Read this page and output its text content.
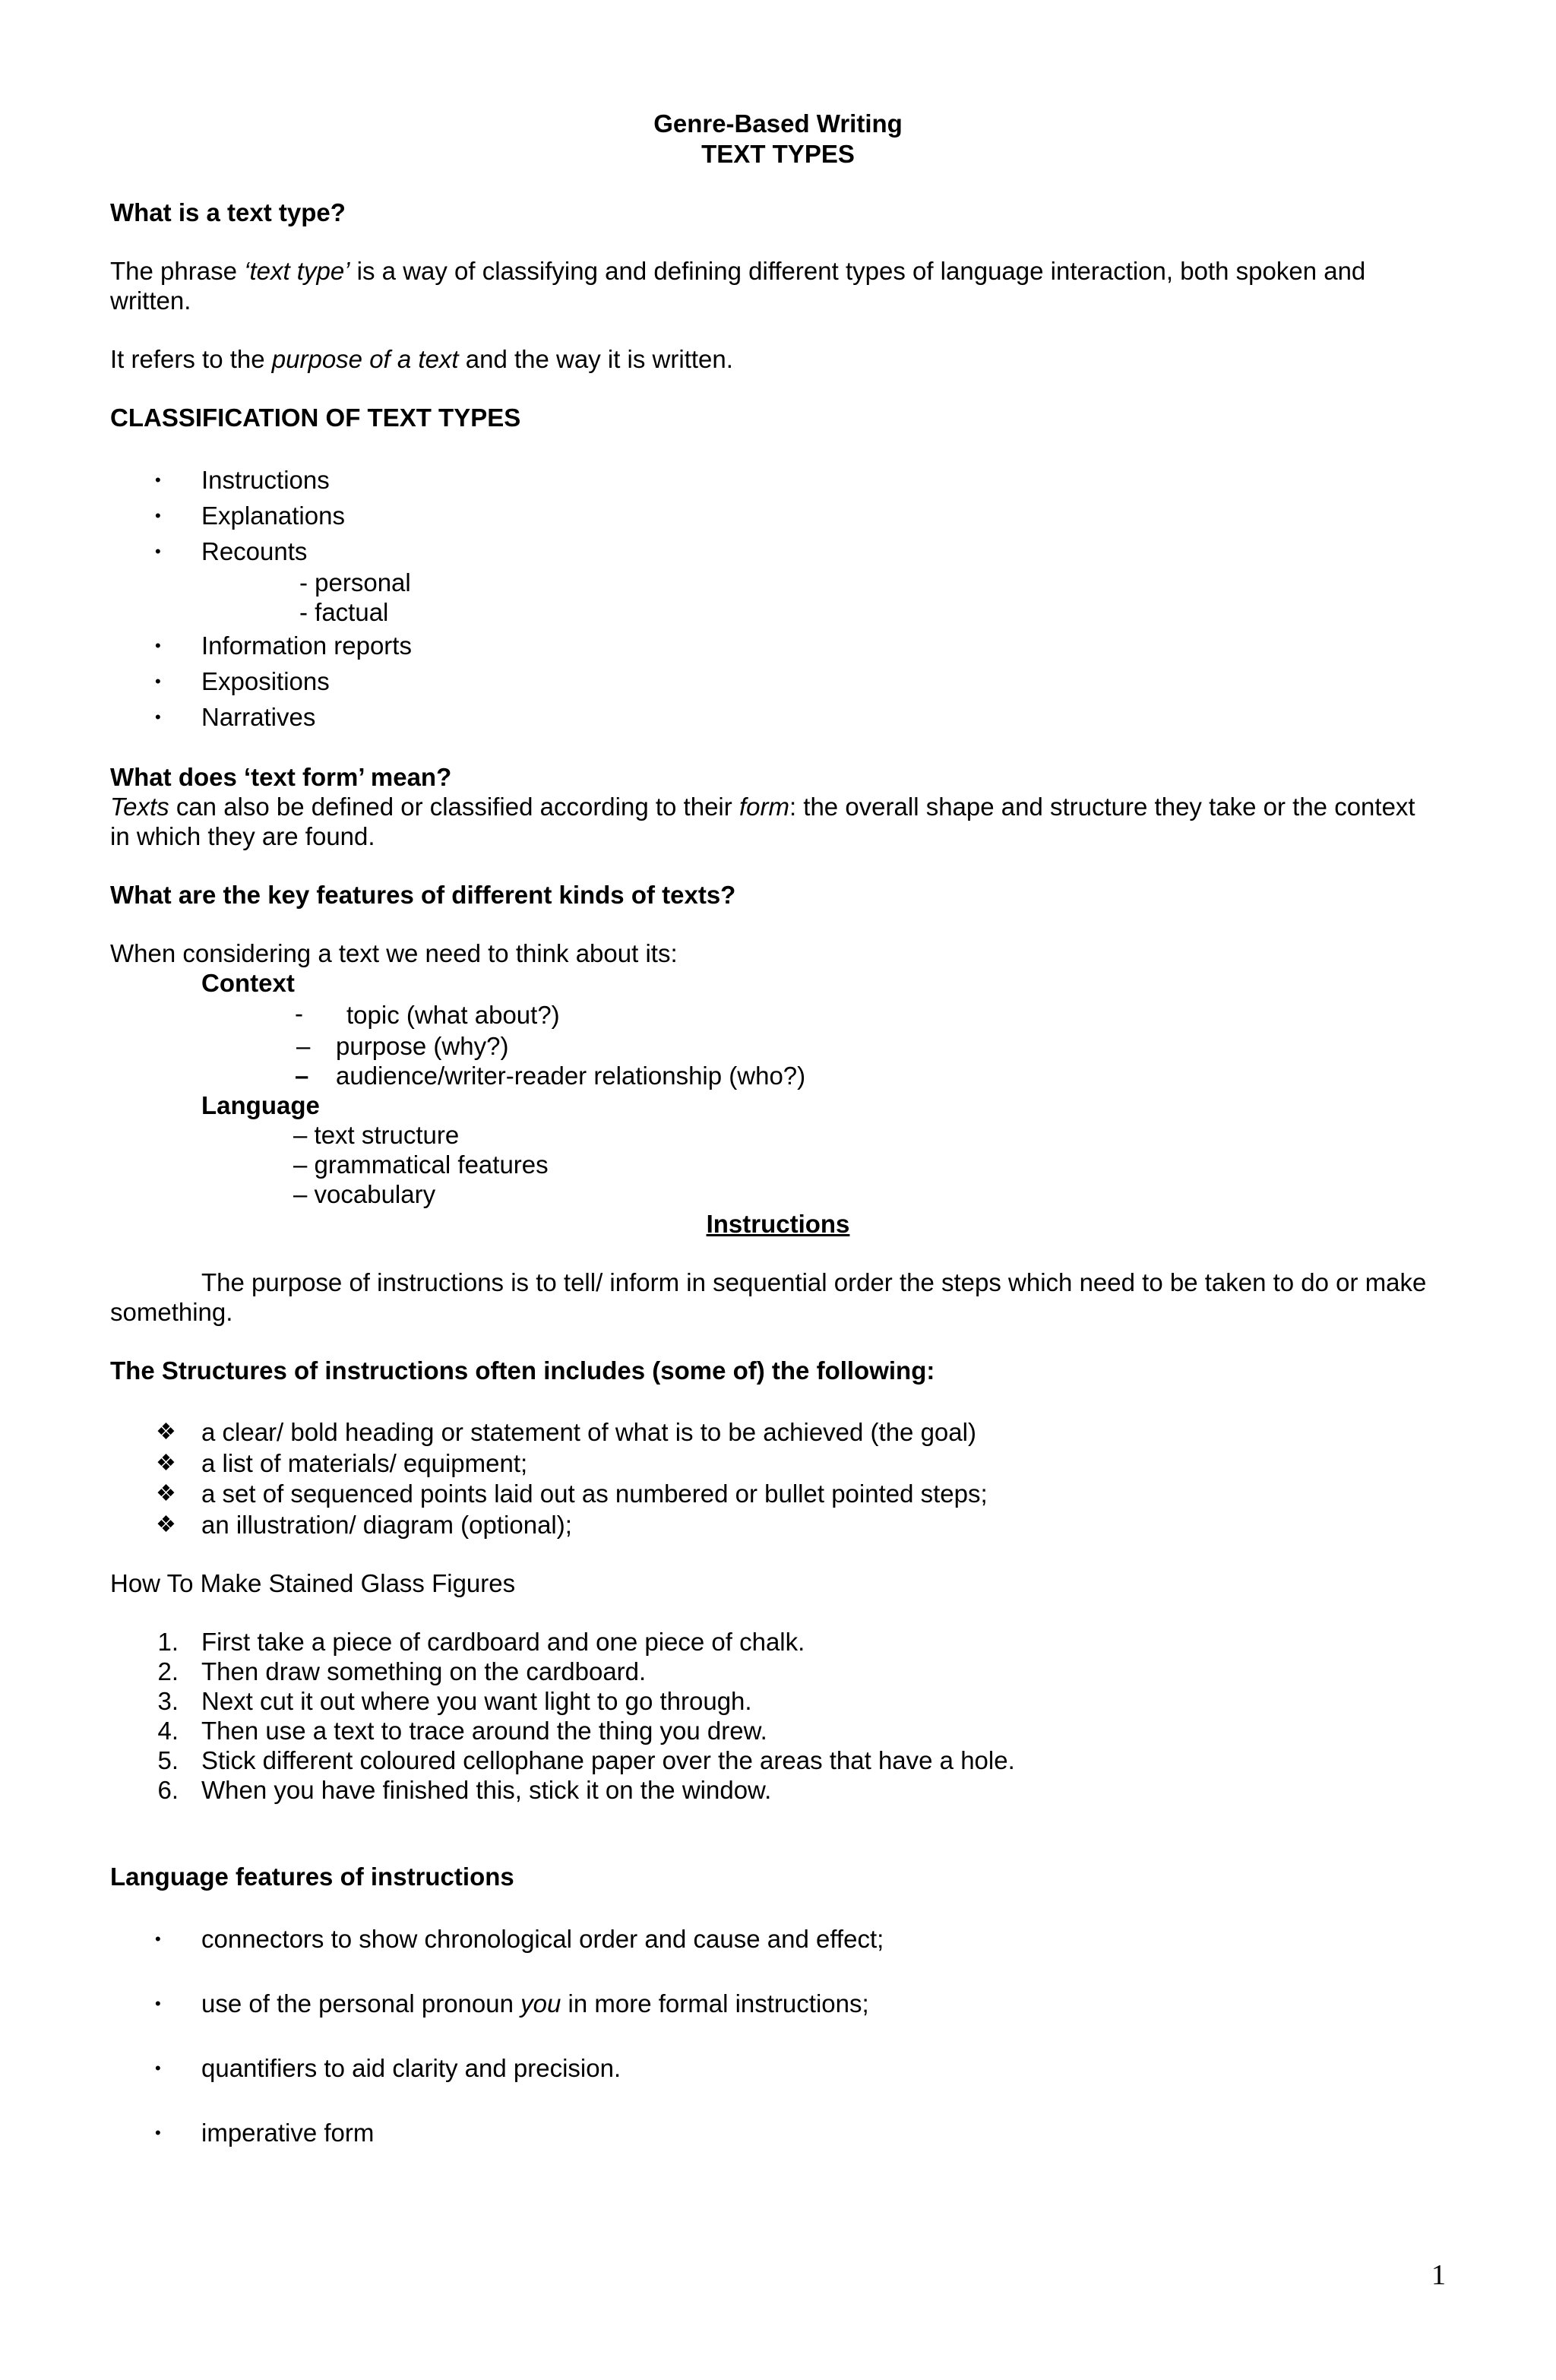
Genre-Based Writing
TEXT TYPES
What is a text type?
The phrase ‘text type’ is a way of classifying and defining different types of language interaction, both spoken and
written.
It refers to the purpose of a text and the way it is written.
CLASSIFICATION OF TEXT TYPES
• Instructions
• Explanations
• Recounts
- personal
- factual
• Information reports
• Expositions
• Narratives
What does ‘text form’ mean?
Texts can also be defined or classified according to their form: the overall shape and structure they take or the context
in which they are found.
What are the key features of different kinds of texts?
When considering a text we need to think about its:
Context
- topic (what about?)
– purpose (why?)
– audience/writer-reader relationship (who?)
Language
– text structure
– grammatical features
– vocabulary
Instructions
The purpose of instructions is to tell/ inform in sequential order the steps which need to be taken to do or make
something.
The Structures of instructions often includes (some of) the following:
❖ a clear/ bold heading or statement of what is to be achieved (the goal)
❖ a list of materials/ equipment;
❖ a set of sequenced points laid out as numbered or bullet pointed steps;
❖ an illustration/ diagram (optional);
How To Make Stained Glass Figures
1. First take a piece of cardboard and one piece of chalk.
2. Then draw something on the cardboard.
3. Next cut it out where you want light to go through.
4. Then use a text to trace around the thing you drew.
5. Stick different coloured cellophane paper over the areas that have a hole.
6. When you have finished this, stick it on the window.
Language features of instructions
• connectors to show chronological order and cause and effect;
• use of the personal pronoun you in more formal instructions;
• quantifiers to aid clarity and precision.
• imperative form
1
